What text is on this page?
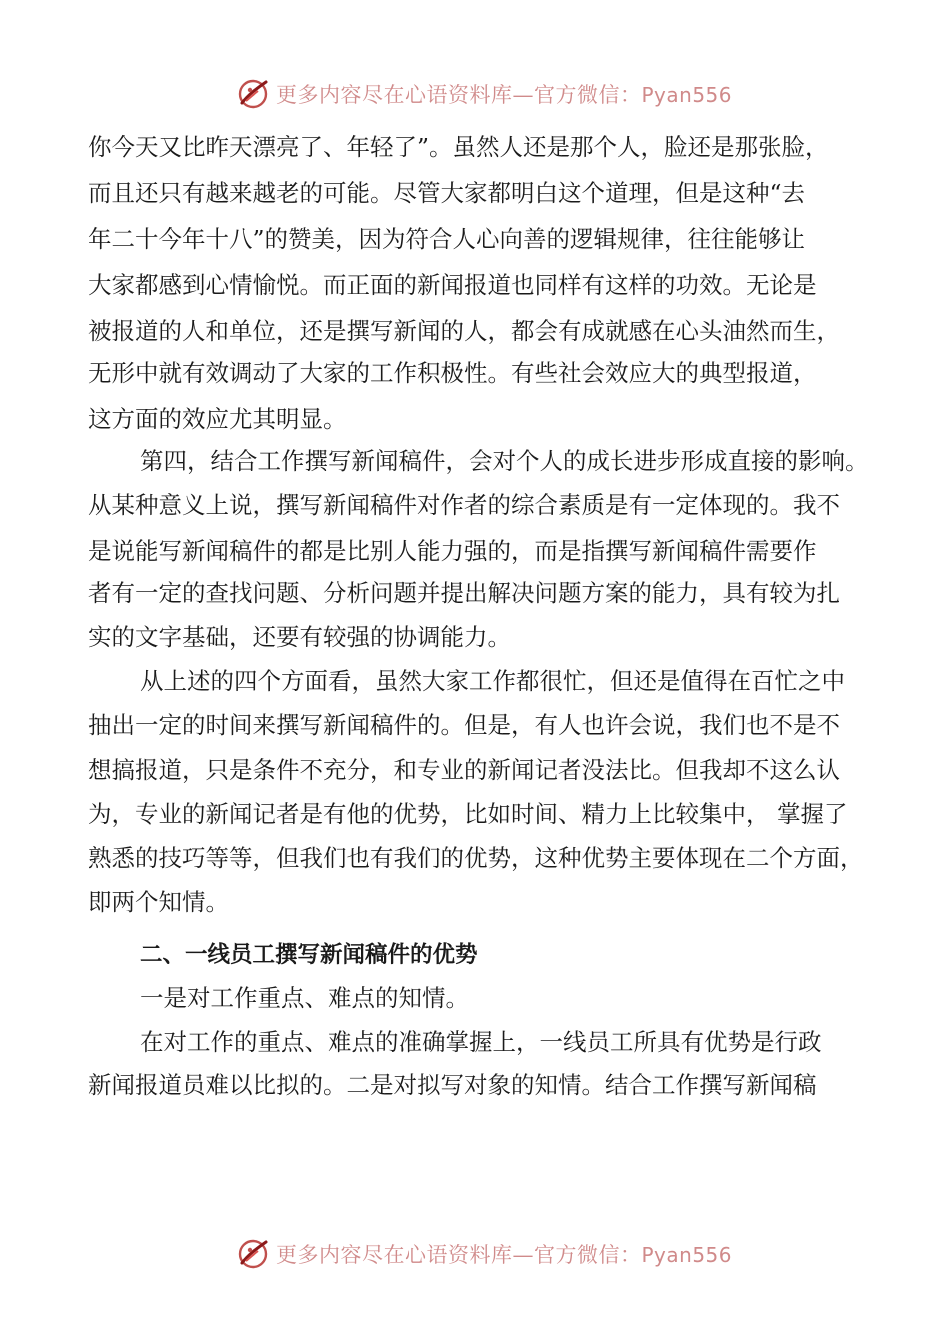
更多内容尽在心语资料库—官方微信：Pyan556
你今天又比昨天漂亮了、年轻了”。虽然人还是那个人，脸还是那张脸，
而且还只有越来越老的可能。尽管大家都明白这个道理，但是这种“去
年二十今年十八”的赞美，因为符合人心向善的逻辑规律，往往能够让
大家都感到心情愉悦。而正面的新闻报道也同样有这样的功效。无论是
被报道的人和单位，还是撰写新闻的人，都会有成就感在心头油然而生，
无形中就有效调动了大家的工作积极性。有些社会效应大的典型报道，
这方面的效应尤其明显。
第四，结合工作撰写新闻稿件，会对个人的成长进步形成直接的影响。
从某种意义上说，撰写新闻稿件对作者的综合素质是有一定体现的。我不
是说能写新闻稿件的都是比别人能力强的，而是指撰写新闻稿件需要作
者有一定的查找问题、分析问题并提出解决问题方案的能力，具有较为扎
实的文字基础，还要有较强的协调能力。
从上述的四个方面看，虽然大家工作都很忙，但还是值得在百忙之中
抽出一定的时间来撰写新闻稿件的。但是，有人也许会说，我们也不是不
想搞报道，只是条件不充分，和专业的新闻记者没法比。但我却不这么认
为，专业的新闻记者是有他的优势，比如时间、精力上比较集中， 掌握了
熟悉的技巧等等，但我们也有我们的优势，这种优势主要体现在二个方面，
即两个知情。
二、一线员工撰写新闻稿件的优势
一是对工作重点、难点的知情。
在对工作的重点、难点的准确掌握上，一线员工所具有优势是行政
新闻报道员难以比拟的。二是对拟写对象的知情。结合工作撰写新闻稿
更多内容尽在心语资料库—官方微信：Pyan556
